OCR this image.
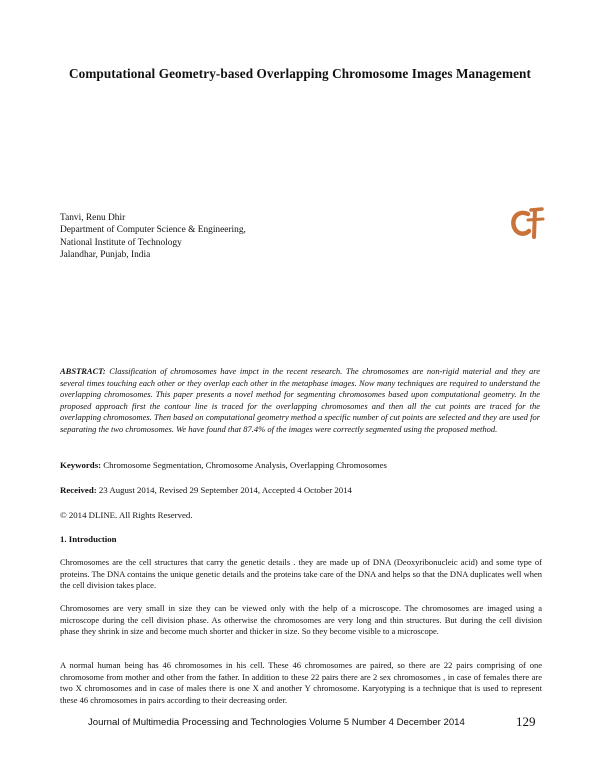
Computational Geometry-based Overlapping Chromosome Images Management
Tanvi, Renu Dhir
Department of Computer Science & Engineering,
National Institute of Technology
Jalandhar, Punjab, India
ABSTRACT: Classification of chromosomes have impct in the recent research. The chromosomes are non-rigid material and they are several times touching each other or they overlap each other in the metaphase images. Now many techniques are required to understand the overlapping chromosomes. This paper presents a novel method for segmenting chromosomes based upon computational geometry. In the proposed approach first the contour line is traced for the overlapping chromosomes and then all the cut points are traced for the overlapping chromosomes. Then based on computational geometry method a specific number of cut points are selected and they are used for separating the two chromosomes. We have found that 87.4% of the images were correctly segmented using the proposed method.
Keywords: Chromosome Segmentation, Chromosome Analysis, Overlapping Chromosomes
Received: 23 August 2014, Revised 29 September 2014, Accepted 4 October 2014
© 2014 DLINE. All Rights Reserved.
1. Introduction
Chromosomes are the cell structures that carry the genetic details . they are made up of DNA (Deoxyribonucleic acid) and some type of proteins. The DNA contains the unique genetic details and the proteins take care of the DNA and helps so that the DNA duplicates well when the cell division takes place.
Chromosomes are very small in size they can be viewed only with the help of a microscope. The chromosomes are imaged using a microscope during the cell division phase. As otherwise the chromosomes are very long and thin structures. But during the cell division phase they shrink in size and become much shorter and thicker in size. So they become visible to a microscope.
A normal human being has 46 chromosomes in his cell. These 46 chromosomes are paired, so there are 22 pairs comprising of one chromosome from mother and other from the father. In addition to these 22 pairs there are 2 sex chromosomes , in case of females there are two X chromosomes and in case of males there is one X and another Y chromosome. Karyotyping is a technique that is used to represent these 46 chromosomes in pairs according to their decreasing order.
Journal of Multimedia Processing and Technologies Volume 5 Number 4 December 2014	129
